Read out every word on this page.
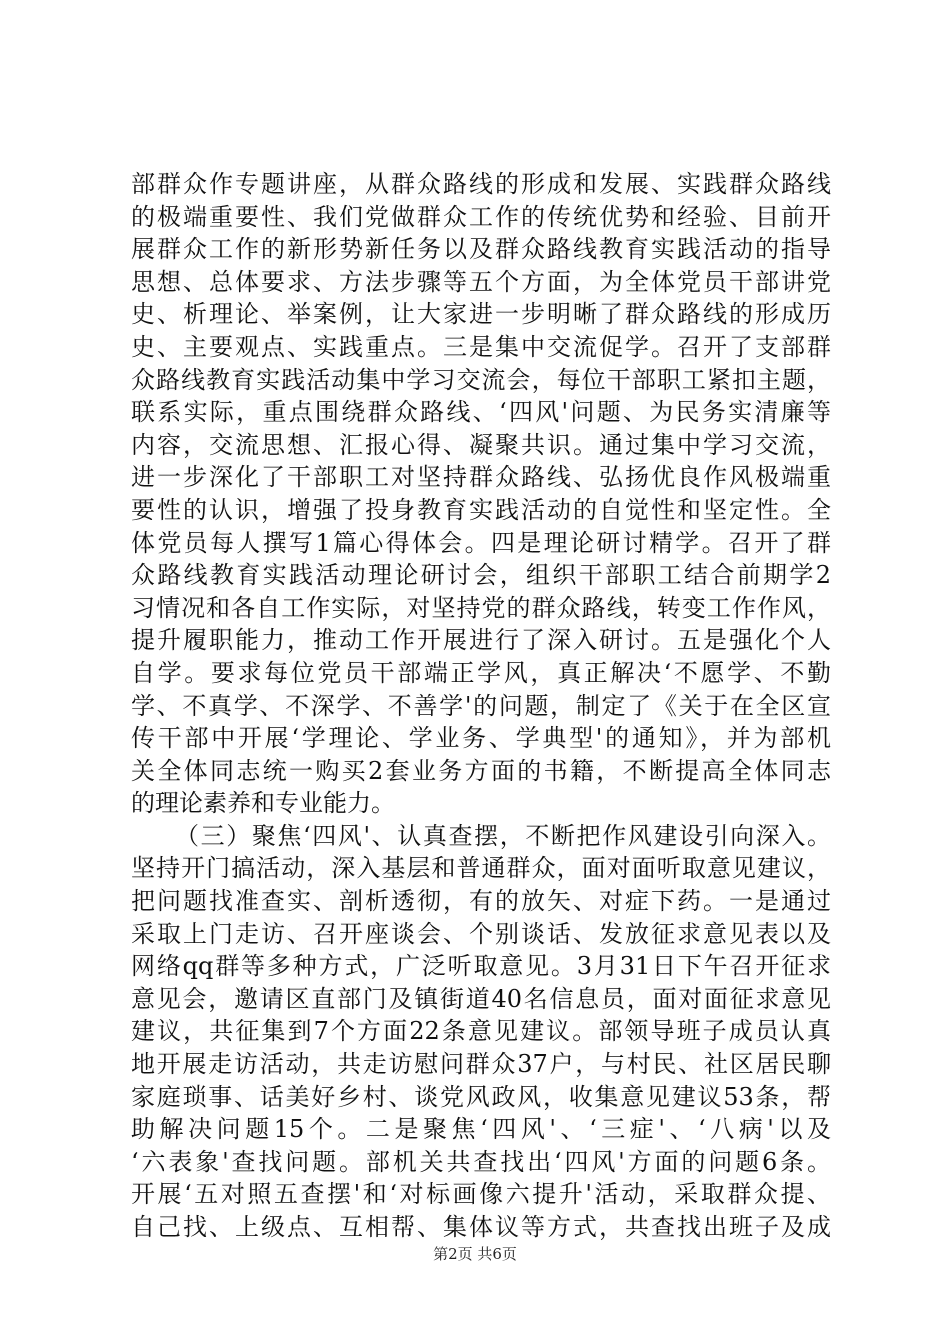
部群众作专题讲座，从群众路线的形成和发展、实践群众路线
的极端重要性、我们党做群众工作的传统优势和经验、目前开
展群众工作的新形势新任务以及群众路线教育实践活动的指导
思想、总体要求、方法步骤等五个方面，为全体党员干部讲党
史、析理论、举案例，让大家进一步明晰了群众路线的形成历
史、主要观点、实践重点。三是集中交流促学。召开了支部群
众路线教育实践活动集中学习交流会，每位干部职工紧扣主题，
联系实际，重点围绕群众路线、‘四风'问题、为民务实清廉等
内容，交流思想、汇报心得、凝聚共识。通过集中学习交流，
进一步深化了干部职工对坚持群众路线、弘扬优良作风极端重
要性的认识，增强了投身教育实践活动的自觉性和坚定性。全
体党员每人撰写1篇心得体会。四是理论研讨精学。召开了群
众路线教育实践活动理论研讨会，组织干部职工结合前期学2
习情况和各自工作实际，对坚持党的群众路线，转变工作作风，
提升履职能力，推动工作开展进行了深入研讨。五是强化个人
自学。要求每位党员干部端正学风，真正解决‘不愿学、不勤
学、不真学、不深学、不善学'的问题，制定了《关于在全区宣
传干部中开展‘学理论、学业务、学典型'的通知》，并为部机
关全体同志统一购买2套业务方面的书籍，不断提高全体同志
的理论素养和专业能力。
（三）聚焦‘四风'、认真查摆，不断把作风建设引向深入。
坚持开门搞活动，深入基层和普通群众，面对面听取意见建议，
把问题找准查实、剖析透彻，有的放矢、对症下药。一是通过
采取上门走访、召开座谈会、个别谈话、发放征求意见表以及
网络qq群等多种方式，广泛听取意见。3月31日下午召开征求
意见会，邀请区直部门及镇街道40名信息员，面对面征求意见
建议，共征集到7个方面22条意见建议。部领导班子成员认真
地开展走访活动，共走访慰问群众37户，与村民、社区居民聊
家庭琐事、话美好乡村、谈党风政风，收集意见建议53条，帮
助解决问题15个。二是聚焦‘四风'、‘三症'、‘八病'以及
‘六表象'查找问题。部机关共查找出‘四风'方面的问题6条。
开展‘五对照五查摆'和‘对标画像六提升'活动，采取群众提、
自己找、上级点、互相帮、集体议等方式，共查找出班子及成
第2页 共6页
